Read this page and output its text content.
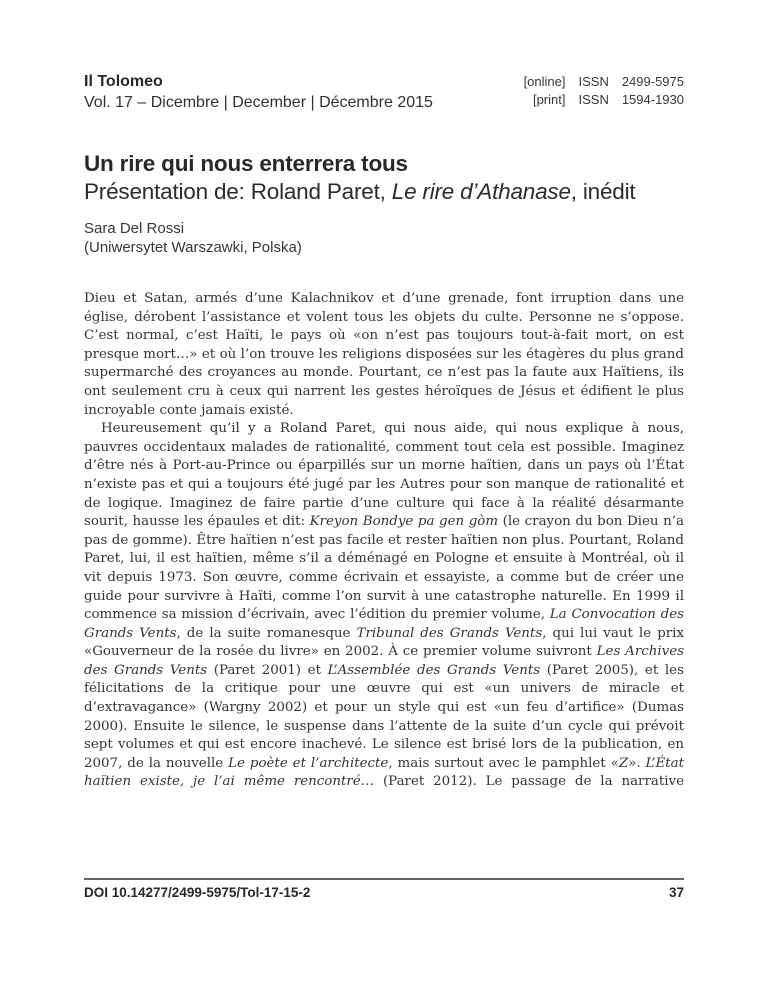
Il Tolomeo
Vol. 17 – Dicembre | December | Décembre 2015
[online] ISSN 2499-5975
[print] ISSN 1594-1930
Un rire qui nous enterrera tous
Présentation de: Roland Paret, Le rire d’Athanase, inédit
Sara Del Rossi
(Uniwersytet Warszawki, Polska)

Dieu et Satan, armés d’une Kalachnikov et d’une grenade, font irruption dans une église, dérobent l’assistance et volent tous les objets du culte. Personne ne s’oppose. C’est normal, c’est Haïti, le pays où «on n’est pas toujours tout-à-fait mort, on est presque mort…» et où l’on trouve les religions disposées sur les étagères du plus grand supermarché des croyances au monde. Pourtant, ce n’est pas la faute aux Haïtiens, ils ont seulement cru à ceux qui narrent les gestes héroïques de Jésus et édifient le plus incroyable conte jamais existé.

Heureusement qu’il y a Roland Paret, qui nous aide, qui nous explique à nous, pauvres occidentaux malades de rationalité, comment tout cela est possible. Imaginez d’être nés à Port-au-Prince ou éparpillés sur un morne haïtien, dans un pays où l’État n’existe pas et qui a toujours été jugé par les Autres pour son manque de rationalité et de logique. Imaginez de faire partie d’une culture qui face à la réalité désarmante sourit, hausse les épaules et dit: Kreyon Bondye pa gen gòm (le crayon du bon Dieu n’a pas de gomme). Être haïtien n’est pas facile et rester haïtien non plus. Pourtant, Roland Paret, lui, il est haïtien, même s’il a déménagé en Pologne et ensuite à Montréal, où il vit depuis 1973. Son œuvre, comme écrivain et essayiste, a comme but de créer une guide pour survivre à Haïti, comme l’on survit à une catastrophe naturelle. En 1999 il commence sa mission d’écrivain, avec l’édition du premier volume, La Convocation des Grands Vents, de la suite romanesque Tribunal des Grands Vents, qui lui vaut le prix «Gouverneur de la rosée du livre» en 2002. À ce premier volume suivront Les Archives des Grands Vents (Paret 2001) et L’Assemblée des Grands Vents (Paret 2005), et les félicitations de la critique pour une œuvre qui est «un univers de miracle et d’extravagance» (Wargny 2002) et pour un style qui est «un feu d’artifice» (Dumas 2000). Ensuite le silence, le suspense dans l’attente de la suite d’un cycle qui prévoit sept volumes et qui est encore inachevé. Le silence est brisé lors de la publication, en 2007, de la nouvelle Le poète et l’architecte, mais surtout avec le pamphlet «Z». L’État haïtien existe, je l’ai même rencontré… (Paret 2012). Le passage de la narrative

DOI 10.14277/2499-5975/Tol-17-15-2	37
